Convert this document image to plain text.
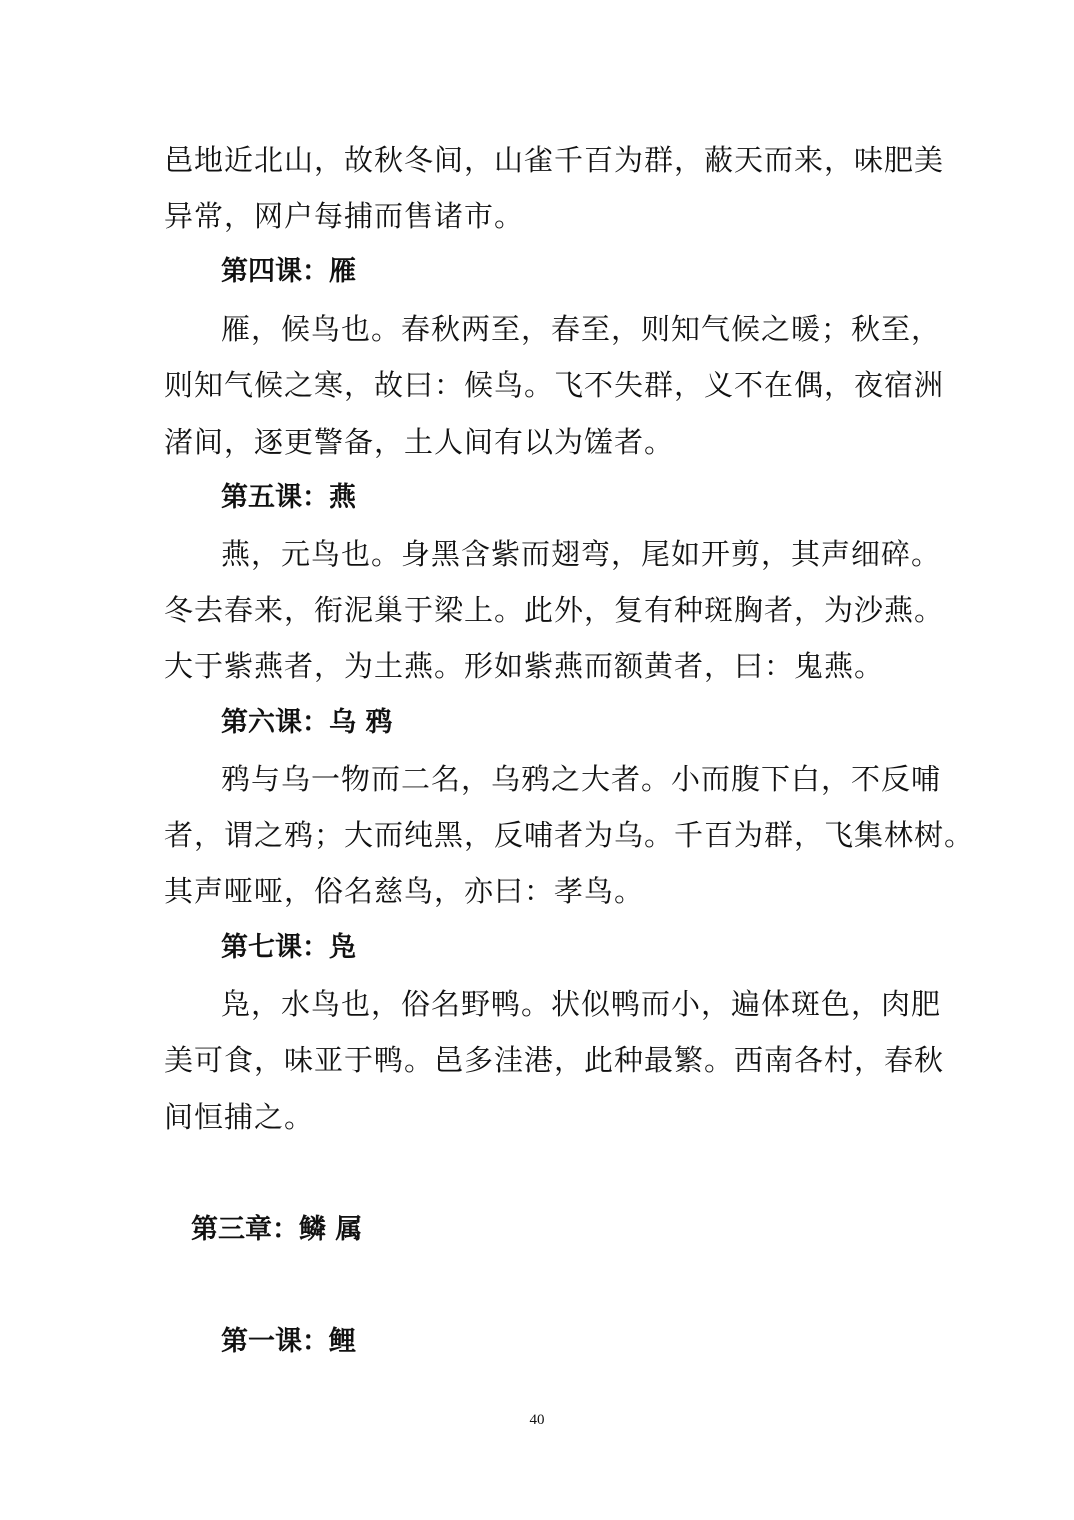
邑地近北山，故秋冬间，山雀千百为群，蔽天而来，味肥美
异常，网户每捕而售诸市。
第四课：雁
雁，候鸟也。春秋两至，春至，则知气候之暖；秋至，
则知气候之寒，故曰：候鸟。飞不失群，义不在偶，夜宿洲
渚间，逐更警备，土人间有以为馐者。
第五课：燕
燕，元鸟也。身黑含紫而翅弯，尾如开剪，其声细碎。
冬去春来，衔泥巢于梁上。此外，复有种斑胸者，为沙燕。
大于紫燕者，为土燕。形如紫燕而额黄者，曰：鬼燕。
第六课：乌 鸦
鸦与乌一物而二名，乌鸦之大者。小而腹下白，不反哺
者，谓之鸦；大而纯黑，反哺者为乌。千百为群，飞集林树。
其声哑哑，俗名慈鸟，亦曰：孝鸟。
第七课：凫
凫，水鸟也，俗名野鸭。状似鸭而小，遍体斑色，肉肥
美可食，味亚于鸭。邑多洼港，此种最繁。西南各村，春秋
间恒捕之。
第三章：鳞 属
第一课：鲤
40
